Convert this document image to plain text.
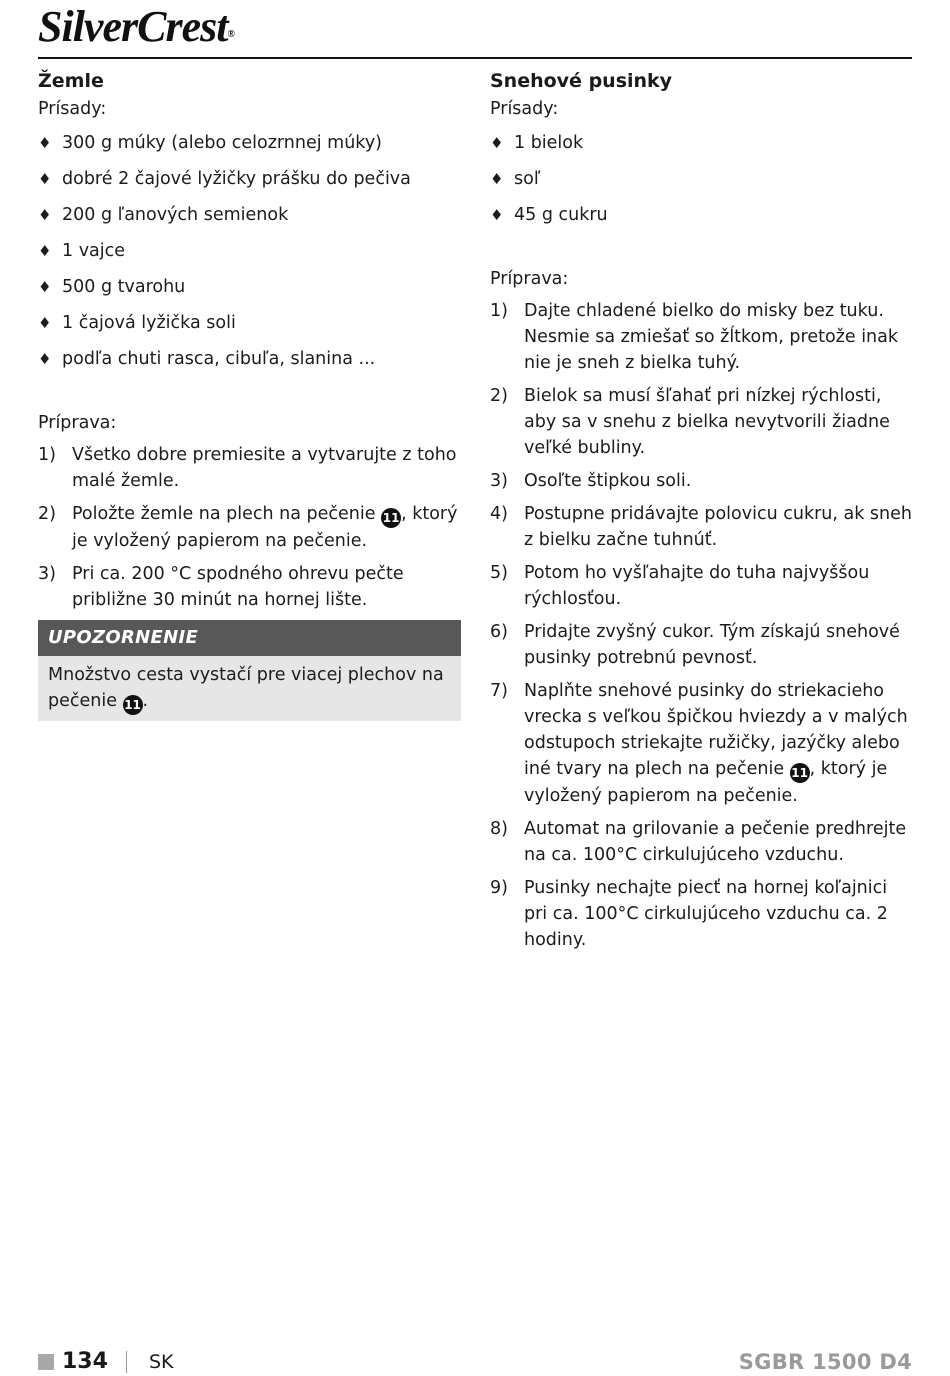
SilverCrest®
Žemle

Prísady:

♦ 300 g múky (alebo celozrnnej múky)
♦ dobré 2 čajové lyžičky prášku do pečiva
♦ 200 g ľanových semienok
♦ 1 vajce
♦ 500 g tvarohu
♦ 1 čajová lyžička soli
♦ podľa chuti rasca, cibuľa, slanina ...

Príprava:

1) Všetko dobre premiesite a vytvarujte z toho malé žemle.
2) Položte žemle na plech na pečenie 11, ktorý je vyložený papierom na pečenie.
3) Pri ca. 200 °C spodného ohrevu pečte približne 30 minút na hornej lište.
UPOZORNENIE
Množstvo cesta vystačí pre viacej plechov na pečenie 11.
Snehové pusinky

Prísady:

♦ 1 bielok
♦ soľ
♦ 45 g cukru

Príprava:

1) Dajte chladené bielko do misky bez tuku. Nesmie sa zmiešať so žĺtkom, pretože inak nie je sneh z bielka tuhý.
2) Bielok sa musí šľahať pri nízkej rýchlosti, aby sa v snehu z bielka nevytvorili žiadne veľké bubliny.
3) Osoľte štipkou soli.
4) Postupne pridávajte polovicu cukru, ak sneh z bielku začne tuhnúť.
5) Potom ho vyšľahajte do tuha najvyššou rýchlosťou.
6) Pridajte zvyšný cukor. Tým získajú snehové pusinky potrebnú pevnosť.
7) Naplňte snehové pusinky do striekacieho vrecka s veľkou špičkou hviezdy a v malých odstupoch striekajte ružičky, jazýčky alebo iné tvary na plech na pečenie 11, ktorý je vyložený papierom na pečenie.
8) Automat na grilovanie a pečenie predhrejte na ca. 100°C cirkulujúceho vzduchu.
9) Pusinky nechajte piecť na hornej koľajnici pri ca. 100°C cirkulujúceho vzduchu ca. 2 hodiny.
134 SK	SGBR 1500 D4
